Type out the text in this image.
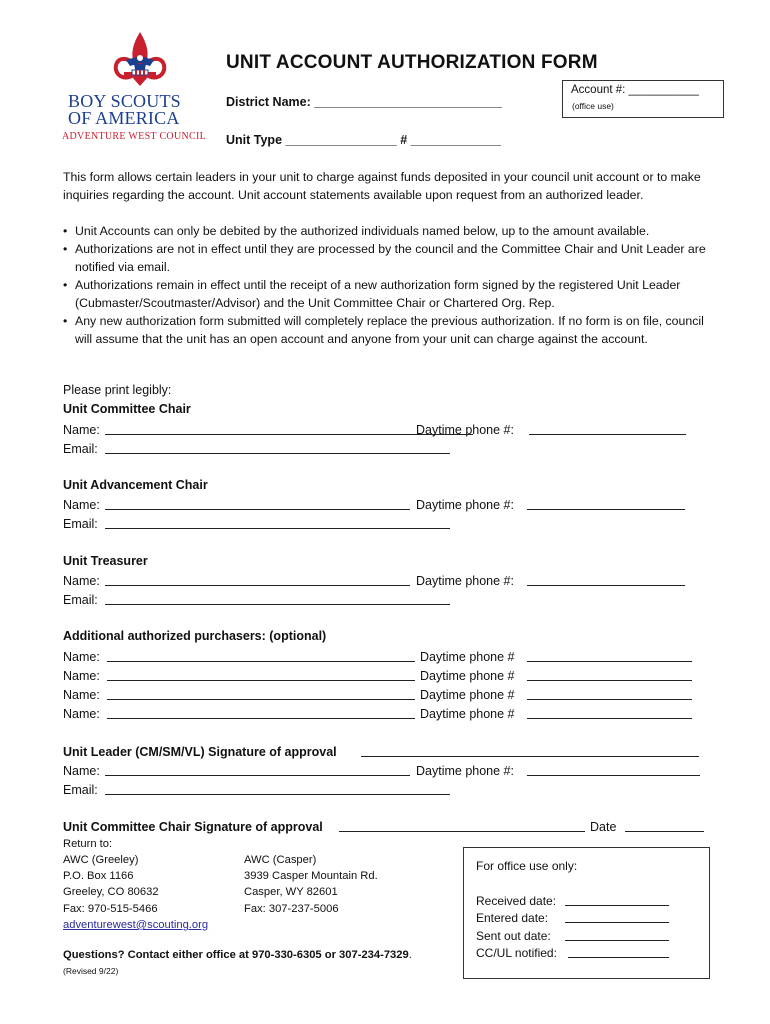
BOY SCOUTS
OF AMERICA
ADVENTURE WEST COUNCIL
UNIT ACCOUNT AUTHORIZATION FORM
District Name: ___________________________
Unit Type ________________ # _____________
Account #: ___________
(office use)
This form allows certain leaders in your unit to charge against funds deposited in your council unit account or to make inquiries regarding the account. Unit account statements available upon request from an authorized leader.
• Unit Accounts can only be debited by the authorized individuals named below, up to the amount available.
• Authorizations are not in effect until they are processed by the council and the Committee Chair and Unit Leader are notified via email.
• Authorizations remain in effect until the receipt of a new authorization form signed by the registered Unit Leader (Cubmaster/Scoutmaster/Advisor) and the Unit Committee Chair or Chartered Org. Rep.
• Any new authorization form submitted will completely replace the previous authorization. If no form is on file, council will assume that the unit has an open account and anyone from your unit can charge against the account.
Please print legibly:
Unit Committee Chair
Name:	Daytime phone #:
Email:
Unit Advancement Chair
Name:	Daytime phone #:
Email:
Unit Treasurer
Name:	Daytime phone #:
Email:
Additional authorized purchasers: (optional)
Name:	Daytime phone #
Name:	Daytime phone #
Name:	Daytime phone #
Name:	Daytime phone #
Unit Leader (CM/SM/VL) Signature of approval
Name:	Daytime phone #:
Email:
Unit Committee Chair Signature of approval	Date
Return to:
AWC (Greeley)
P.O. Box 1166
Greeley, CO 80632
Fax: 970-515-5466
adventurewest@scouting.org
AWC (Casper)
3939 Casper Mountain Rd.
Casper, WY 82601
Fax: 307-237-5006
Questions? Contact either office at 970-330-6305 or 307-234-7329.
(Revised 9/22)
For office use only:
Received date:
Entered date:
Sent out date:
CC/UL notified:
